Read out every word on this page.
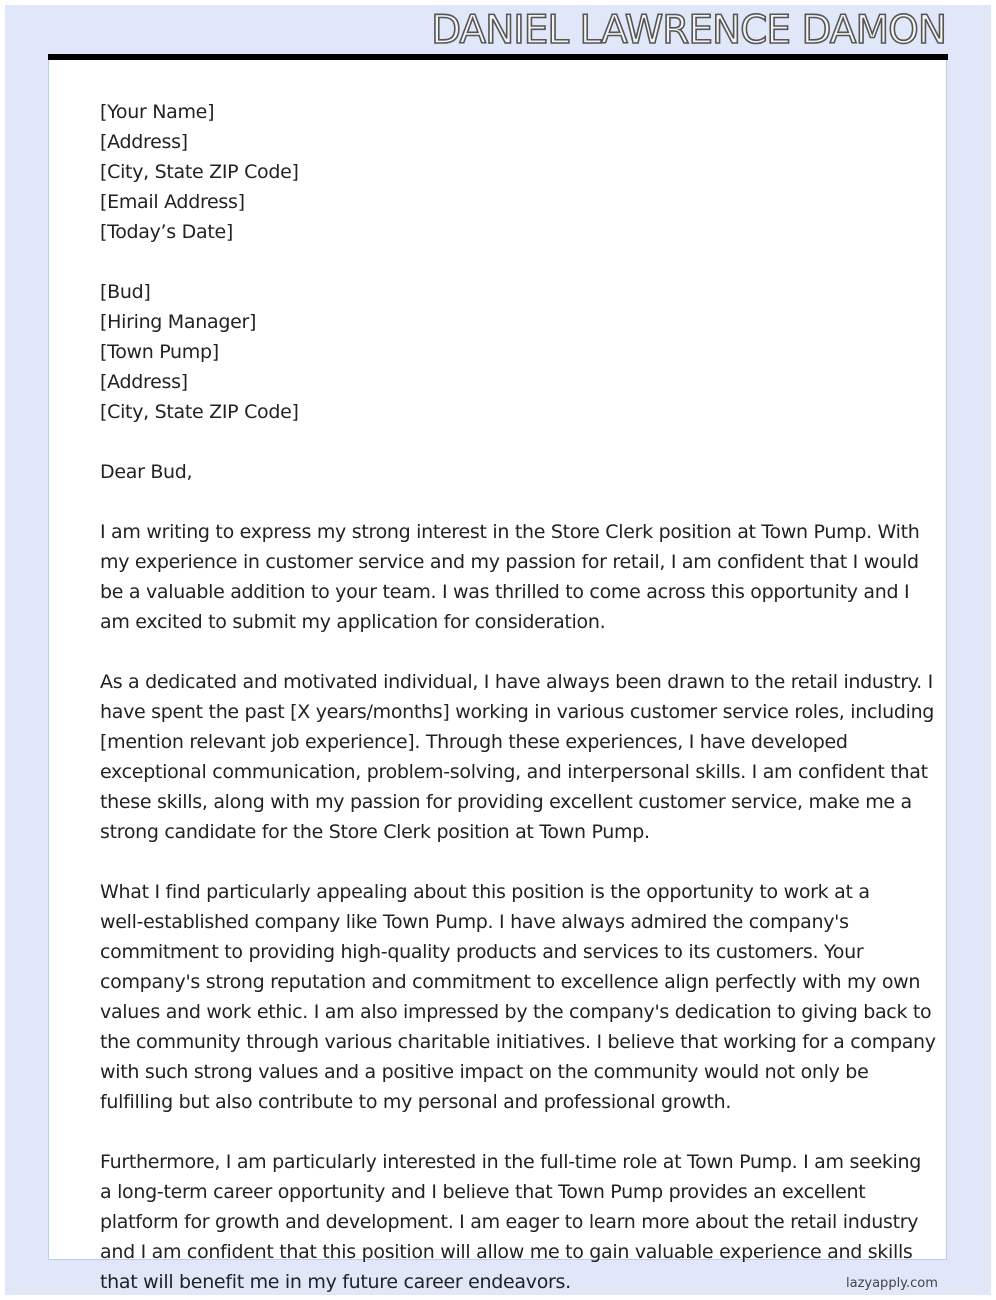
DANIEL LAWRENCE DAMON
[Your Name]
[Address]
[City, State ZIP Code]
[Email Address]
[Today’s Date]
[Bud]
[Hiring Manager]
[Town Pump]
[Address]
[City, State ZIP Code]
Dear Bud,
I am writing to express my strong interest in the Store Clerk position at Town Pump. With
my experience in customer service and my passion for retail, I am confident that I would
be a valuable addition to your team. I was thrilled to come across this opportunity and I
am excited to submit my application for consideration.
As a dedicated and motivated individual, I have always been drawn to the retail industry. I
have spent the past [X years/months] working in various customer service roles, including
[mention relevant job experience]. Through these experiences, I have developed
exceptional communication, problem-solving, and interpersonal skills. I am confident that
these skills, along with my passion for providing excellent customer service, make me a
strong candidate for the Store Clerk position at Town Pump.
What I find particularly appealing about this position is the opportunity to work at a
well-established company like Town Pump. I have always admired the company's
commitment to providing high-quality products and services to its customers. Your
company's strong reputation and commitment to excellence align perfectly with my own
values and work ethic. I am also impressed by the company's dedication to giving back to
the community through various charitable initiatives. I believe that working for a company
with such strong values and a positive impact on the community would not only be
fulfilling but also contribute to my personal and professional growth.
Furthermore, I am particularly interested in the full-time role at Town Pump. I am seeking
a long-term career opportunity and I believe that Town Pump provides an excellent
platform for growth and development. I am eager to learn more about the retail industry
and I am confident that this position will allow me to gain valuable experience and skills
that will benefit me in my future career endeavors.	lazyapply.com
